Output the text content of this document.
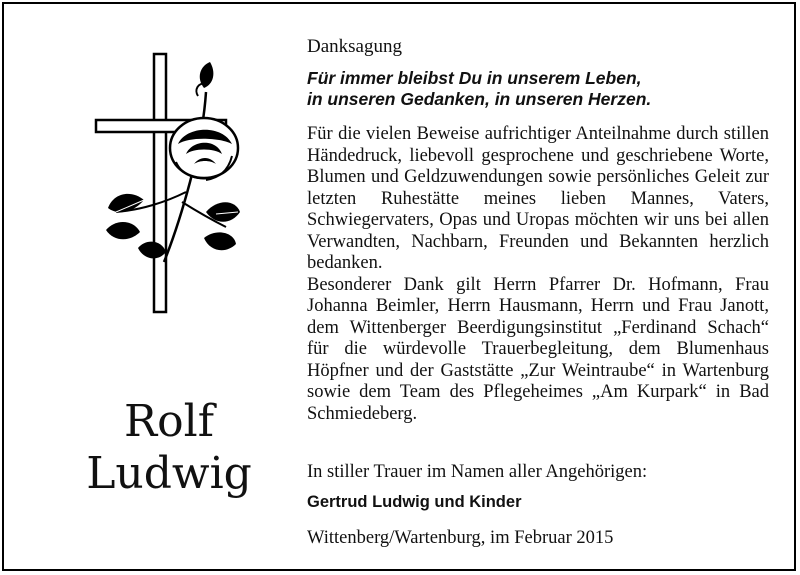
Rolf
Ludwig
Danksagung
Für immer bleibst Du in unserem Leben,
in unseren Gedanken, in unseren Herzen.
Für die vielen Beweise aufrichtiger Anteilnahme durch stillen Händedruck, liebevoll gesprochene und geschriebene Worte, Blumen und Geldzuwendungen sowie persönliches Geleit zur letzten Ruhestätte meines lieben Mannes, Vaters, Schwiegervaters, Opas und Uropas möchten wir uns bei allen Verwandten, Nachbarn, Freunden und Bekannten herzlich bedanken.
Besonderer Dank gilt Herrn Pfarrer Dr. Hofmann, Frau Johanna Beimler, Herrn Hausmann, Herrn und Frau Janott, dem Wittenberger Beerdigungsinstitut „Ferdinand Schach“ für die würdevolle Trauerbegleitung, dem Blumenhaus Höpfner und der Gaststätte „Zur Weintraube“ in Wartenburg sowie dem Team des Pflegeheimes „Am Kurpark“ in Bad Schmiedeberg.
In stiller Trauer im Namen aller Angehörigen:
Gertrud Ludwig und Kinder
Wittenberg/Wartenburg, im Februar 2015
